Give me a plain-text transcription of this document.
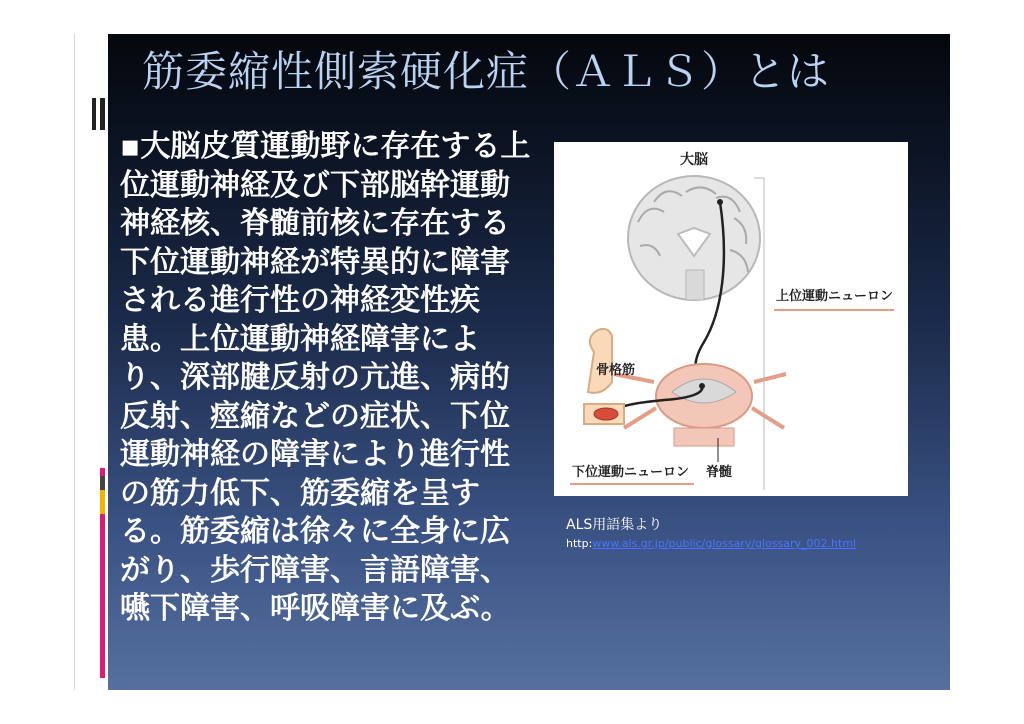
筋委縮性側索硬化症（ＡＬＳ）とは
▪大脳皮質運動野に存在する上位運動神経及び下部脳幹運動神経核、脊髄前核に存在する下位運動神経が特異的に障害される進行性の神経変性疾患。上位運動神経障害により、深部腱反射の亢進、病的反射、痙縮などの症状、下位運動神経の障害により進行性の筋力低下、筋委縮を呈する。筋委縮は徐々に全身に広がり、歩行障害、言語障害、嚥下障害、呼吸障害に及ぶ。
大脳
上位運動ニューロン
骨格筋
下位運動ニューロン 脊髄
ALS用語集より
http:www.als.gr.jp/public/glossary/glossary_002.html
